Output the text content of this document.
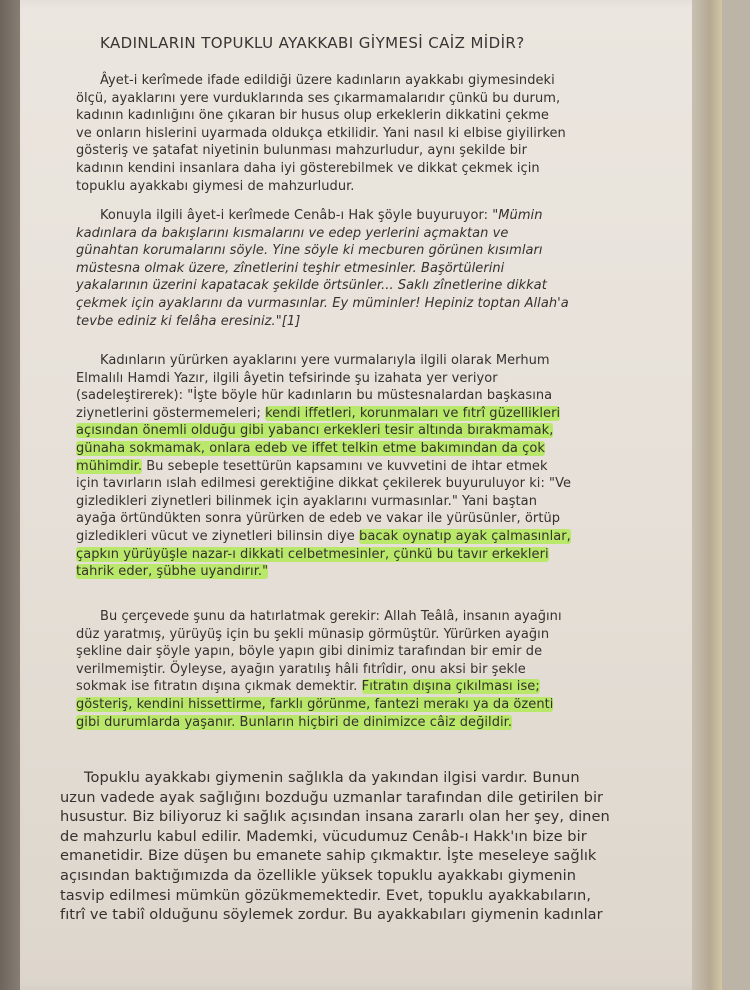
KADINLARIN TOPUKLU AYAKKABI GİYMESİ CAİZ MİDİR?
Âyet-i kerîmede ifade edildiği üzere kadınların ayakkabı giymesindeki
ölçü, ayaklarını yere vurduklarında ses çıkarmamalarıdır çünkü bu durum,
kadının kadınlığını öne çıkaran bir husus olup erkeklerin dikkatini çekme
ve onların hislerini uyarmada oldukça etkilidir. Yani nasıl ki elbise giyilirken
gösteriş ve şatafat niyetinin bulunması mahzurludur, aynı şekilde bir
kadının kendini insanlara daha iyi gösterebilmek ve dikkat çekmek için
topuklu ayakkabı giymesi de mahzurludur.
Konuyla ilgili âyet-i kerîmede Cenâb-ı Hak şöyle buyuruyor: "Mümin
kadınlara da bakışlarını kısmalarını ve edep yerlerini açmaktan ve
günahtan korumalarını söyle. Yine söyle ki mecburen görünen kısımları
müstesna olmak üzere, zînetlerini teşhir etmesinler. Başörtülerini
yakalarının üzerini kapatacak şekilde örtsünler... Saklı zînetlerine dikkat
çekmek için ayaklarını da vurmasınlar. Ey müminler! Hepiniz toptan Allah'a
tevbe ediniz ki felâha eresiniz."[1]
Kadınların yürürken ayaklarını yere vurmalarıyla ilgili olarak Merhum
Elmalılı Hamdi Yazır, ilgili âyetin tefsirinde şu izahata yer veriyor
(sadeleştirerek): "İşte böyle hür kadınların bu müstesnalardan başkasına
ziynetlerini göstermemeleri; kendi iffetleri, korunmaları ve fıtrî güzellikleri
açısından önemli olduğu gibi yabancı erkekleri tesir altında bırakmamak,
günaha sokmamak, onlara edeb ve iffet telkin etme bakımından da çok
mühimdir. Bu sebeple tesettürün kapsamını ve kuvvetini de ihtar etmek
için tavırların ıslah edilmesi gerektiğine dikkat çekilerek buyuruluyor ki: "Ve
gizledikleri ziynetleri bilinmek için ayaklarını vurmasınlar." Yani baştan
ayağa örtündükten sonra yürürken de edeb ve vakar ile yürüsünler, örtüp
gizledikleri vücut ve ziynetleri bilinsin diye bacak oynatıp ayak çalmasınlar,
çapkın yürüyüşle nazar-ı dikkati celbetmesinler, çünkü bu tavır erkekleri
tahrik eder, şübhe uyandırır."
Bu çerçevede şunu da hatırlatmak gerekir: Allah Teâlâ, insanın ayağını
düz yaratmış, yürüyüş için bu şekli münasip görmüştür. Yürürken ayağın
şekline dair şöyle yapın, böyle yapın gibi dinimiz tarafından bir emir de
verilmemiştir. Öyleyse, ayağın yaratılış hâli fıtrîdir, onu aksi bir şekle
sokmak ise fıtratın dışına çıkmak demektir. Fıtratın dışına çıkılması ise;
gösteriş, kendini hissettirme, farklı görünme, fantezi merakı ya da özenti
gibi durumlarda yaşanır. Bunların hiçbiri de dinimizce câiz değildir.
Topuklu ayakkabı giymenin sağlıkla da yakından ilgisi vardır. Bunun
uzun vadede ayak sağlığını bozduğu uzmanlar tarafından dile getirilen bir
husustur. Biz biliyoruz ki sağlık açısından insana zararlı olan her şey, dinen
de mahzurlu kabul edilir. Mademki, vücudumuz Cenâb-ı Hakk'ın bize bir
emanetidir. Bize düşen bu emanete sahip çıkmaktır. İşte meseleye sağlık
açısından baktığımızda da özellikle yüksek topuklu ayakkabı giymenin
tasvip edilmesi mümkün gözükmemektedir. Evet, topuklu ayakkabıların,
fıtrî ve tabiî olduğunu söylemek zordur. Bu ayakkabıları giymenin kadınlar
